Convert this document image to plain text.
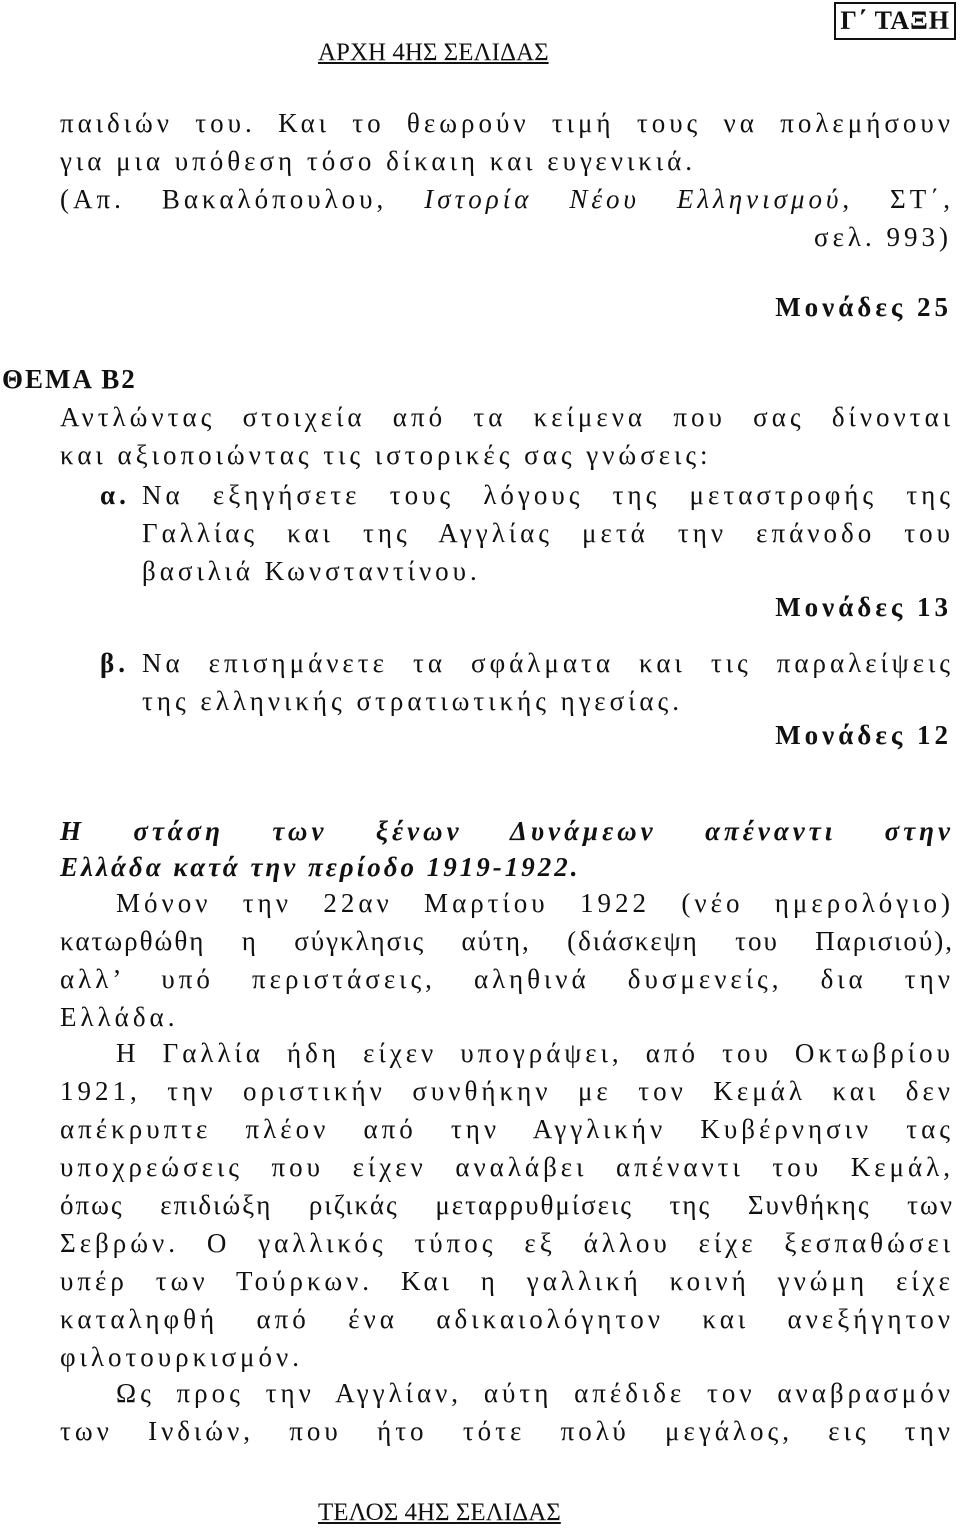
ΑΡΧΗ 4ΗΣ ΣΕΛΙΔΑΣ
Γ΄ ΤΑΞΗ
παιδιών του. Και το θεωρούν τιμή τους να πολεμήσουν
για μια υπόθεση τόσο δίκαιη και ευγενικιά.
(Απ. Βακαλόπουλου, Ιστορία Νέου Ελληνισμού, ΣΤ΄,
σελ. 993)
Μονάδες 25
ΘΕΜΑ Β2
Αντλώντας στοιχεία από τα κείμενα που σας δίνονται
και αξιοποιώντας τις ιστορικές σας γνώσεις:
α. Να εξηγήσετε τους λόγους της μεταστροφής της
Γαλλίας και της Αγγλίας μετά την επάνοδο του
βασιλιά Κωνσταντίνου.
Μονάδες 13
β. Να επισημάνετε τα σφάλματα και τις παραλείψεις
της ελληνικής στρατιωτικής ηγεσίας.
Μονάδες 12
Η στάση των ξένων Δυνάμεων απέναντι στην
Ελλάδα κατά την περίοδο 1919-1922.
Μόνον την 22αν Μαρτίου 1922 (νέο ημερολόγιο)
κατωρθώθη η σύγκλησις αύτη, (διάσκεψη του Παρισιού),
αλλ’ υπό περιστάσεις, αληθινά δυσμενείς, δια την
Ελλάδα.
Η Γαλλία ήδη είχεν υπογράψει, από του Οκτωβρίου
1921, την οριστικήν συνθήκην με τον Κεμάλ και δεν
απέκρυπτε πλέον από την Αγγλικήν Κυβέρνησιν τας
υποχρεώσεις που είχεν αναλάβει απέναντι του Κεμάλ,
όπως επιδιώξη ριζικάς μεταρρυθμίσεις της Συνθήκης των
Σεβρών. Ο γαλλικός τύπος εξ άλλου είχε ξεσπαθώσει
υπέρ των Τούρκων. Και η γαλλική κοινή γνώμη είχε
καταληφθή από ένα αδικαιολόγητον και ανεξήγητον
φιλοτουρκισμόν.
Ως προς την Αγγλίαν, αύτη απέδιδε τον αναβρασμόν
των Ινδιών, που ήτο τότε πολύ μεγάλος, εις την
ΤΕΛΟΣ 4ΗΣ ΣΕΛΙΔΑΣ
